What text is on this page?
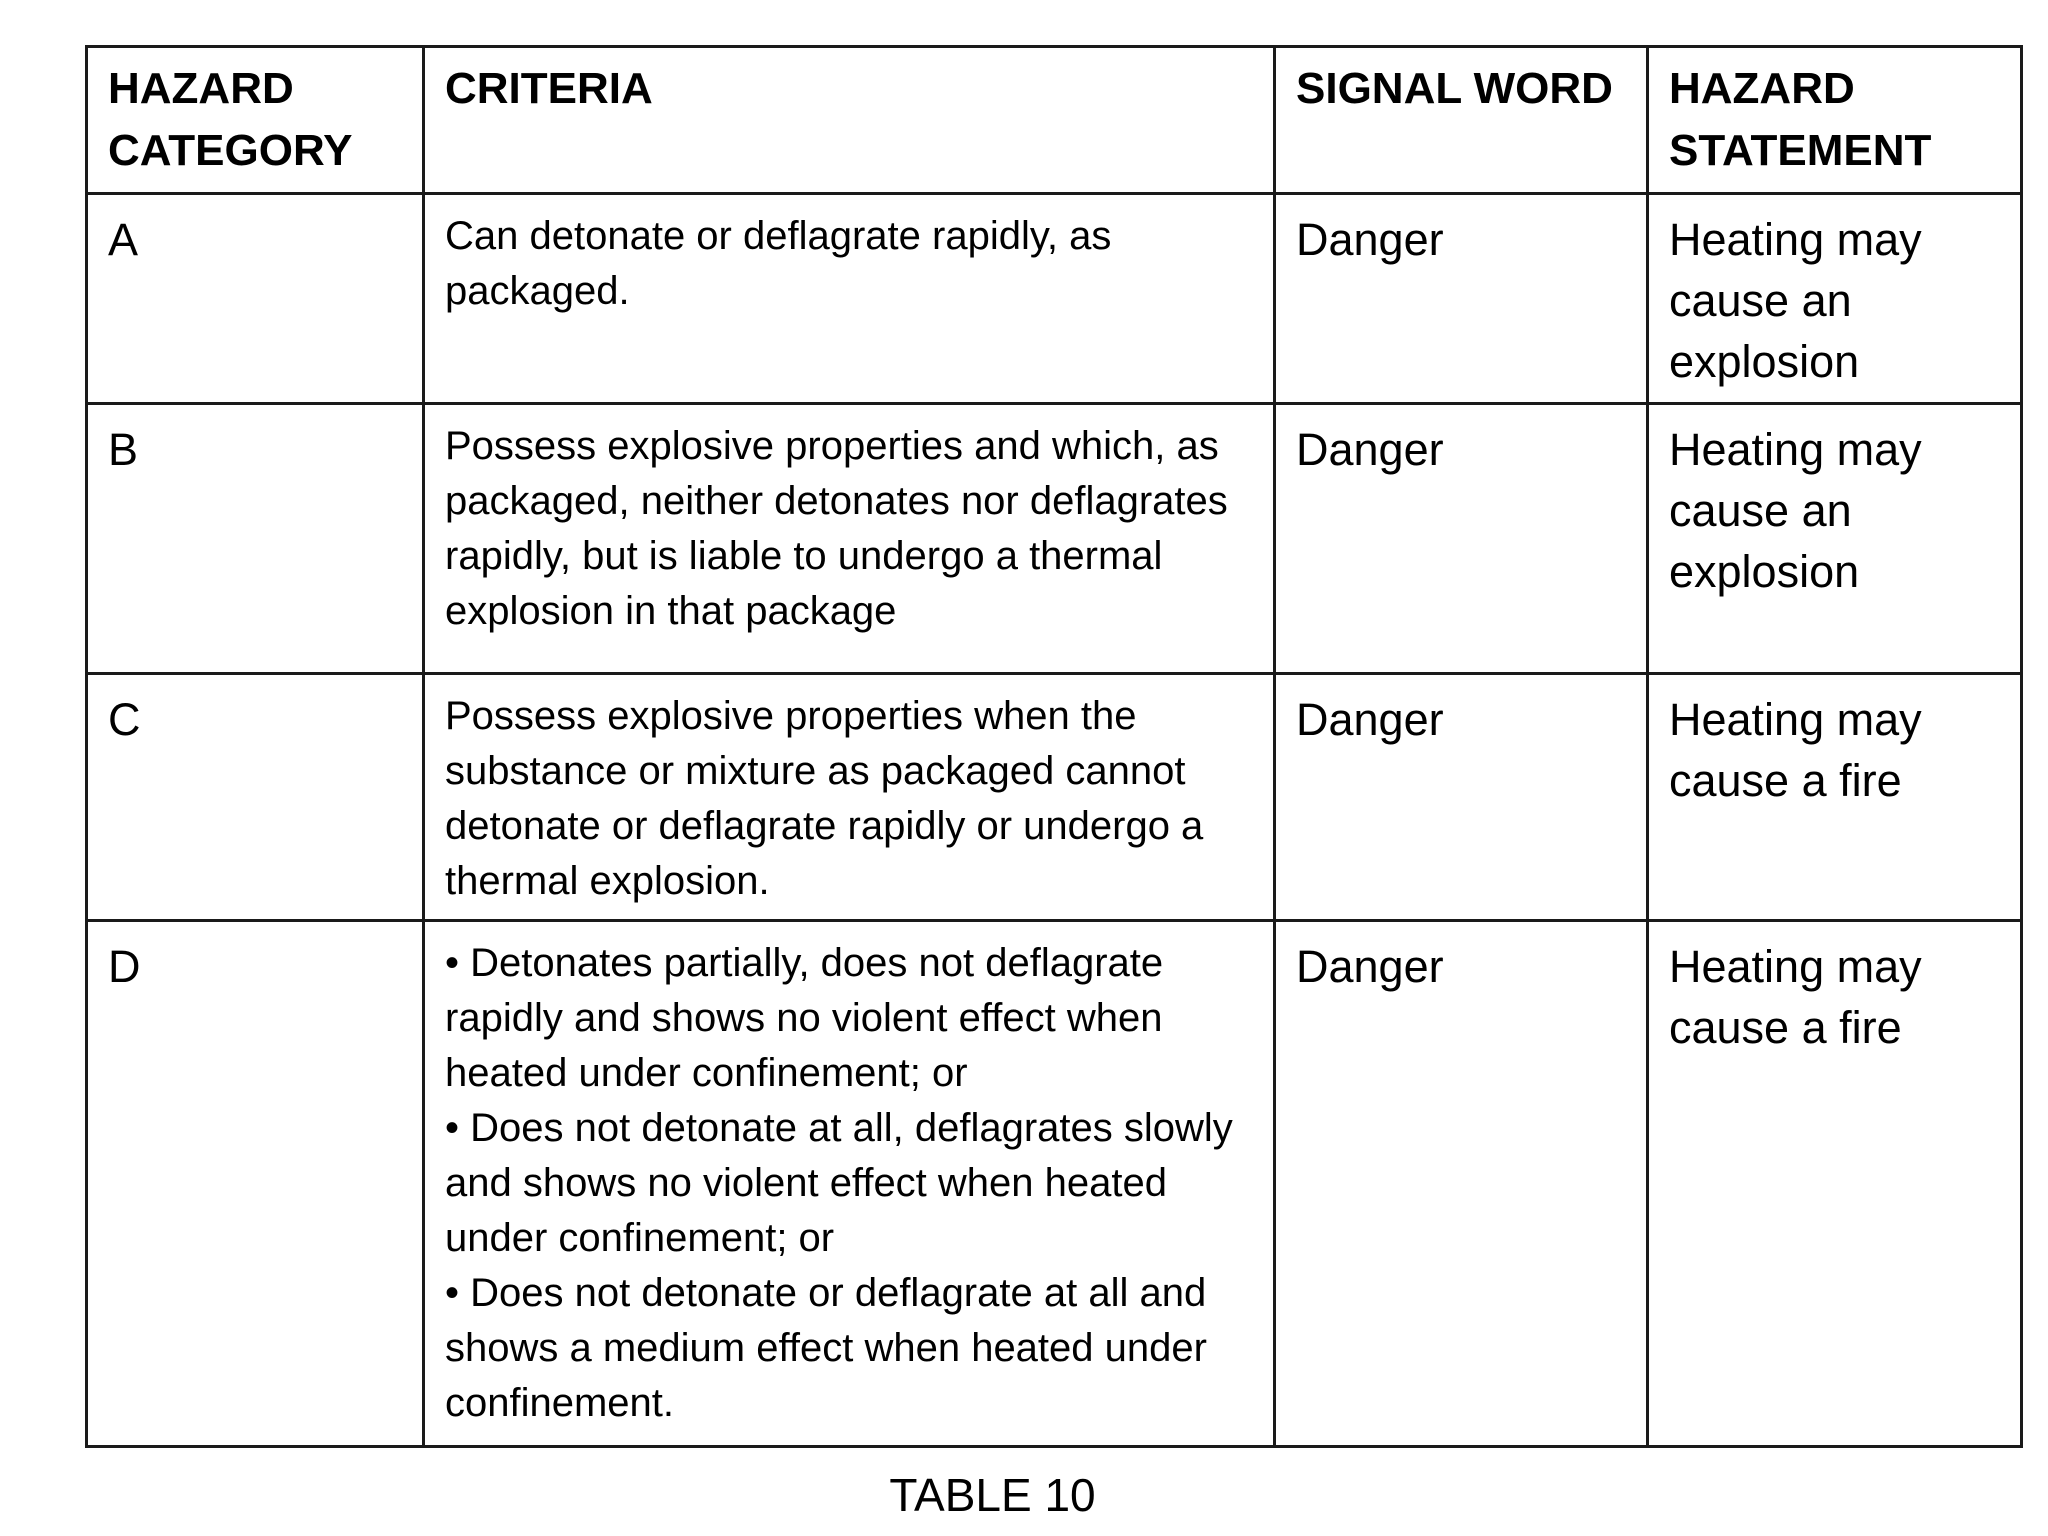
HAZARD CATEGORY	CRITERIA	SIGNAL WORD	HAZARD STATEMENT
A	Can detonate or deflagrate rapidly, as packaged.	Danger	Heating may cause an explosion
B	Possess explosive properties and which, as packaged, neither detonates nor deflagrates rapidly, but is liable to undergo a thermal explosion in that package	Danger	Heating may cause an explosion
C	Possess explosive properties when the substance or mixture as packaged cannot detonate or deflagrate rapidly or undergo a thermal explosion.	Danger	Heating may cause a fire
D	• Detonates partially, does not deflagrate rapidly and shows no violent effect when heated under confinement; or
• Does not detonate at all, deflagrates slowly and shows no violent effect when heated under confinement; or
• Does not detonate or deflagrate at all and shows a medium effect when heated under confinement.	Danger	Heating may cause a fire
TABLE 10
